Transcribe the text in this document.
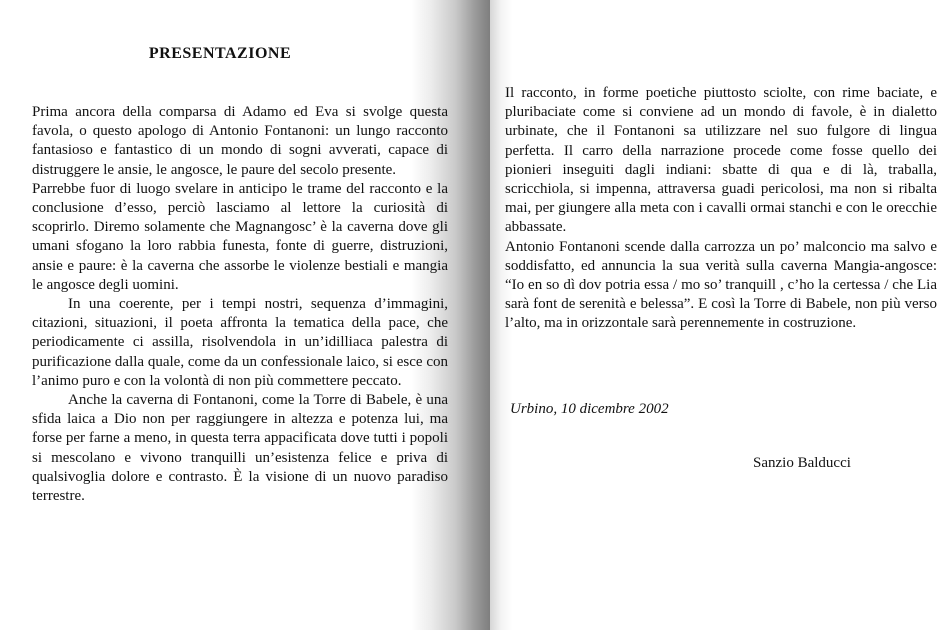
PRESENTAZIONE

Prima ancora della comparsa di Adamo ed Eva si svolge questa favola, o questo apologo di Antonio Fontanoni: un lungo racconto fantasioso e fantastico di un mondo di sogni avverati, capace di distruggere le ansie, le angosce, le paure del secolo presente.

Parrebbe fuor di luogo svelare in anticipo le trame del racconto e la conclusione d’esso, perciò lasciamo al lettore la curiosità di scoprirlo. Diremo solamente che Magnangosc’ è la caverna dove gli umani sfogano la loro rabbia funesta, fonte di guerre, distruzioni, ansie e paure: è la caverna che assorbe le violenze bestiali e mangia le angosce degli uomini.

In una coerente, per i tempi nostri, sequenza d’immagini, citazioni, situazioni, il poeta affronta la tematica della pace, che periodicamente ci assilla, risolvendola in un’idilliaca palestra di purificazione dalla quale, come da un confessionale laico, si esce con l’animo puro e con la volontà di non più commettere peccato.

Anche la caverna di Fontanoni, come la Torre di Babele, è una sfida laica a Dio non per raggiungere in altezza e potenza lui, ma forse per farne a meno, in questa terra appacificata dove tutti i popoli si mescolano e vivono tranquilli un’esistenza felice e priva di qualsivoglia dolore e contrasto. È la visione di un nuovo paradiso terrestre.

Il racconto, in forme poetiche piuttosto sciolte, con rime baciate, e pluribaciate come si conviene ad un mondo di favole, è in dialetto urbinate, che il Fontanoni sa utilizzare nel suo fulgore di lingua perfetta. Il carro della narrazione procede come fosse quello dei pionieri inseguiti dagli indiani: sbatte di qua e di là, traballa, scricchiola, si impenna, attraversa guadi pericolosi, ma non si ribalta mai, per giungere alla meta con i cavalli ormai stanchi e con le orecchie abbassate.

Antonio Fontanoni scende dalla carrozza un po’ malconcio ma salvo e soddisfatto, ed annuncia la sua verità sulla caverna Mangia-angosce: “Io en so dì dov potria essa / mo so’ tranquill , c’ho la certessa / che Lia sarà font de serenità e belessa”. E così la Torre di Babele, non più verso l’alto, ma in orizzontale sarà perennemente in costruzione.

Urbino, 10 dicembre 2002
Sanzio Balducci
